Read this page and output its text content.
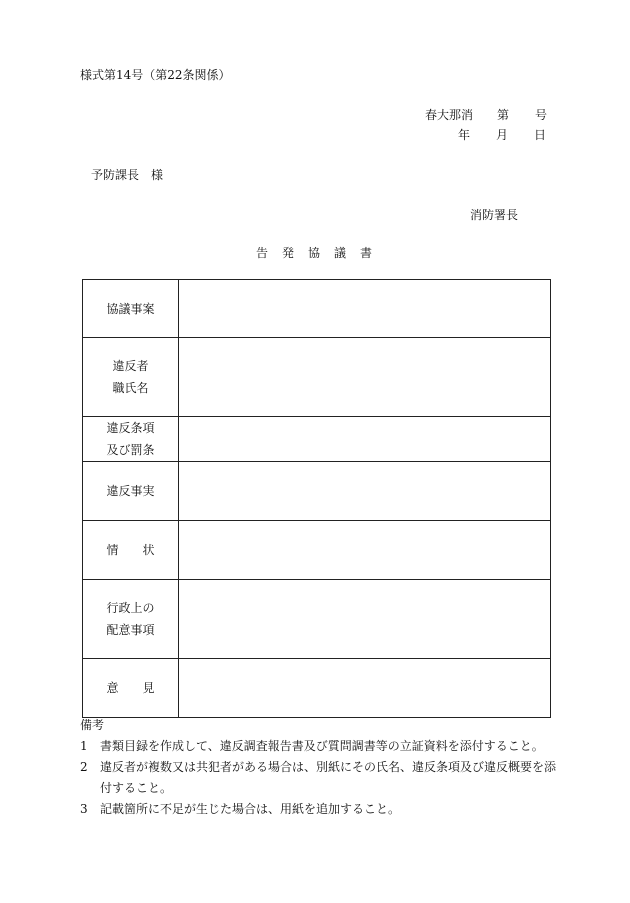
様式第14号（第22条関係）
春大那消 第 号
年 月 日
予防課長　様
消防署長
告 発 協 議 書
協議事案	

違反者
職氏名	

違反条項
及び罰条	

違反事実	

情　　状	

行政上の
配意事項	

意　　見	

備考
1 書類目録を作成して、違反調査報告書及び質問調書等の立証資料を添付すること。
2 違反者が複数又は共犯者がある場合は、別紙にその氏名、違反条項及び違反概要を添付すること。
3 記載箇所に不足が生じた場合は、用紙を追加すること。
